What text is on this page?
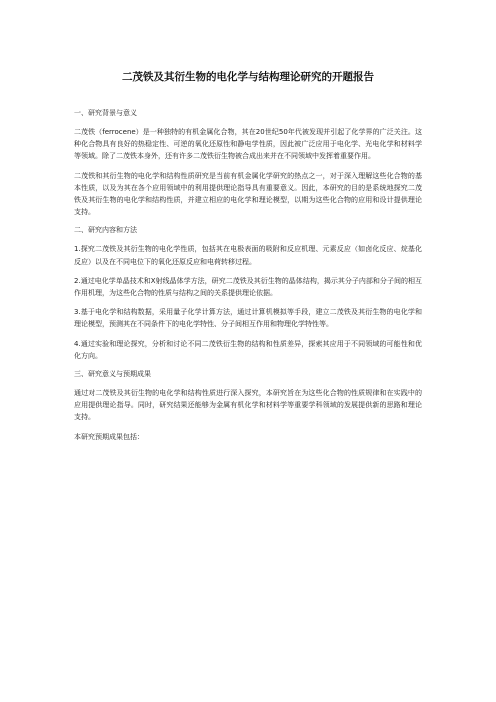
二茂铁及其衍生物的电化学与结构理论研究的开题报告
一、研究背景与意义
二茂铁（ferrocene）是一种独特的有机金属化合物，其在20世纪50年代被发现并引起了化学界的广泛关注。这种化合物具有良好的热稳定性、可逆的氧化还原性和静电学性质，因此被广泛应用于电化学、光电化学和材料学等领域。除了二茂铁本身外，还有许多二茂铁衍生物被合成出来并在不同领域中发挥着重要作用。
二茂铁和其衍生物的电化学和结构性质研究是当前有机金属化学研究的热点之一，对于深入理解这些化合物的基本性质，以及为其在各个应用领域中的利用提供理论指导具有重要意义。因此，本研究的目的是系统地探究二茂铁及其衍生物的电化学和结构性质，并建立相应的电化学和理论模型，以期为这些化合物的应用和设计提供理论支持。
二、研究内容和方法
1.探究二茂铁及其衍生物的电化学性质，包括其在电极表面的吸附和反应机理、元素反应（如卤化反应、烷基化反应）以及在不同电位下的氧化还原反应和电荷转移过程。
2.通过电化学单晶技术和X射线晶体学方法，研究二茂铁及其衍生物的晶体结构，揭示其分子内部和分子间的相互作用机理，为这些化合物的性质与结构之间的关系提供理论依据。
3.基于电化学和结构数据，采用量子化学计算方法，通过计算机模拟等手段，建立二茂铁及其衍生物的电化学和理论模型，预测其在不同条件下的电化学特性、分子间相互作用和物理化学特性等。
4.通过实验和理论探究，分析和讨论不同二茂铁衍生物的结构和性质差异，探索其应用于不同领域的可能性和优化方向。
三、研究意义与预期成果
通过对二茂铁及其衍生物的电化学和结构性质进行深入探究，本研究旨在为这些化合物的性质规律和在实践中的应用提供理论指导。同时，研究结果还能够为金属有机化学和材料学等重要学科领域的发展提供新的思路和理论支持。
本研究预期成果包括：
